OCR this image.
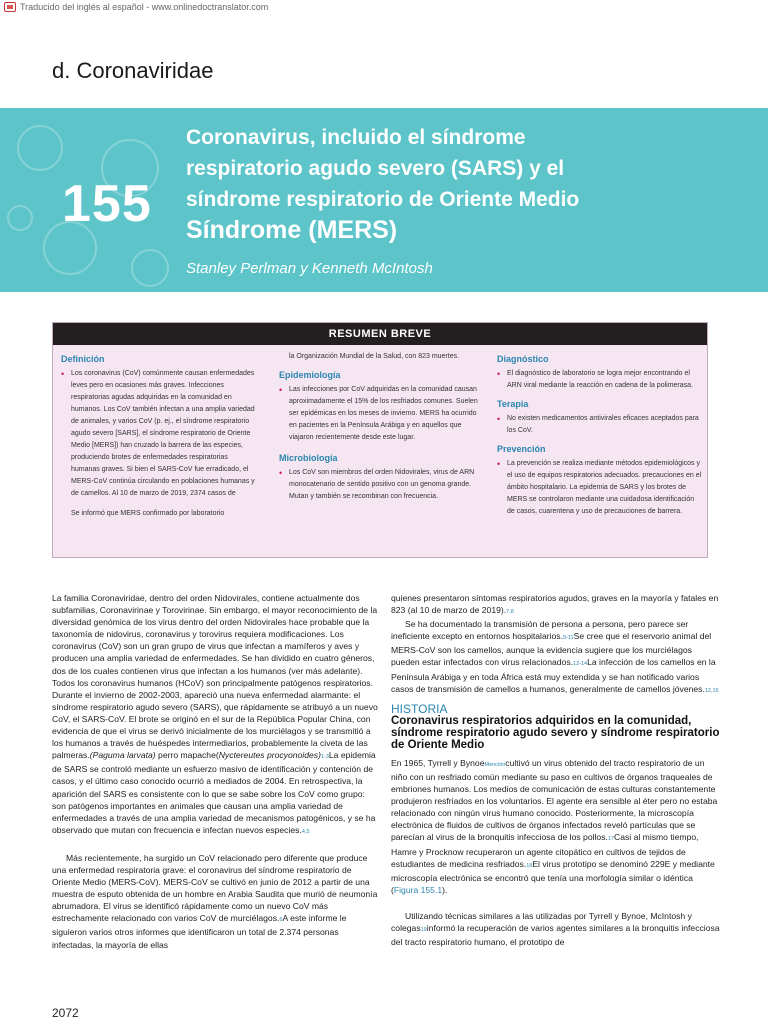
Traducido del inglés al español - www.onlinedoctranslator.com
d. Coronaviridae
155
Coronavirus, incluido el síndrome
respiratorio agudo severo (SARS) y el
síndrome respiratorio de Oriente Medio
Síndrome (MERS)
Stanley Perlman y Kenneth McIntosh
RESUMEN BREVE
Definición
• Los coronavirus (CoV) comúnmente causan enfermedades leves pero en ocasiones más graves. Infecciones respiratorias agudas adquiridas en la comunidad en humanos. Los CoV también infectan a una amplia variedad de animales, y varios CoV (p. ej., el síndrome respiratorio agudo severo [SARS], el síndrome respiratorio de Oriente Medio [MERS]) han cruzado la barrera de las especies, produciendo brotes de enfermedades respiratorias humanas graves. Si bien el SARS-CoV fue erradicado, el MERS-CoV continúa circulando en poblaciones humanas y de camellos. Al 10 de marzo de 2019, 2374 casos de
Se informó que MERS confirmado por laboratorio
la Organización Mundial de la Salud, con 823 muertes.
Epidemiología
• Las infecciones por CoV adquiridas en la comunidad causan aproximadamente el 15% de los resfriados comunes. Suelen ser epidémicas en los meses de invierno. MERS ha ocurrido en pacientes en la Península Arábiga y en aquellos que viajaron recientemente desde este lugar.
Microbiología
• Los CoV son miembros del orden Nidovirales, virus de ARN monocatenario de sentido positivo con un genoma grande. Mutan y también se recombinan con frecuencia.
Diagnóstico
• El diagnóstico de laboratorio se logra mejor encontrando el ARN viral mediante la reacción en cadena de la polimerasa.
Terapia
• No existen medicamentos antivirales eficaces aceptados para los CoV.
Prevención
• La prevención se realiza mediante métodos epidemiológicos y el uso de equipos respiratorios adecuados. precauciones en el ámbito hospitalario. La epidemia de SARS y los brotes de MERS se controlaron mediante una cuidadosa identificación de casos, cuarentena y uso de precauciones de barrera.

La familia Coronaviridae, dentro del orden Nidovirales, contiene actualmente dos subfamilias, Coronavirinae y Torovirinae. Sin embargo, el mayor reconocimiento de la diversidad genómica de los virus dentro del orden Nidovirales hace probable que la taxonomía de nidovirus, coronavirus y torovirus requiera modificaciones. Los coronavirus (CoV) son un gran grupo de virus que infectan a mamíferos y aves y producen una amplia variedad de enfermedades. Se han dividido en cuatro géneros, dos de los cuales contienen virus que infectan a los humanos (ver más adelante). Todos los coronavirus humanos (HCoV) son principalmente patógenos respiratorios. Durante el invierno de 2002-2003, apareció una nueva enfermedad alarmante: el síndrome respiratorio agudo severo (SARS), que rápidamente se atribuyó a un nuevo CoV, el SARS-CoV. El brote se originó en el sur de la República Popular China, con evidencia de que el virus se derivó inicialmente de los murciélagos y se transmitió a los humanos a través de huéspedes intermediarios, probablemente la civeta de las palmeras.(Paguma larvata) perro mapache(Nyctereutes procyonoides)1-3La epidemia de SARS se controló mediante un esfuerzo masivo de identificación y contención de casos, y el último caso conocido ocurrió a mediados de 2004. En retrospectiva, la aparición del SARS es consistente con lo que se sabe sobre los CoV como grupo: son patógenos importantes en animales que causan una amplia variedad de enfermedades a través de una amplia variedad de mecanismos patogénicos, y se ha observado que mutan con frecuencia e infectan nuevos especies.4,5

Más recientemente, ha surgido un CoV relacionado pero diferente que produce una enfermedad respiratoria grave: el coronavirus del síndrome respiratorio de Oriente Medio (MERS-CoV). MERS-CoV se cultivó en junio de 2012 a partir de una muestra de esputo obtenida de un hombre en Arabia Saudita que murió de neumonía abrumadora. El virus se identificó rápidamente como un nuevo CoV más estrechamente relacionado con varios CoV de murciélagos.6A este informe le siguieron varios otros informes que identificaron un total de 2.374 personas infectadas, la mayoría de ellas

quienes presentaron síntomas respiratorios agudos, graves en la mayoría y fatales en 823 (al 10 de marzo de 2019).7,8

Se ha documentado la transmisión de persona a persona, pero parece ser ineficiente excepto en entornos hospitalarios.9-11Se cree que el reservorio animal del MERS-CoV son los camellos, aunque la evidencia sugiere que los murciélagos pueden estar infectados con virus relacionados.12-14La infección de los camellos en la Península Arábiga y en toda África está muy extendida y se han notificado varios casos de transmisión de camellos a humanos, generalmente de camellos jóvenes.12,15

HISTORIA
Coronavirus respiratorios adquiridos en la comunidad, síndrome respiratorio agudo severo y síndrome respiratorio de Oriente Medio

En 1965, Tyrrell y BynoeMencióncultivó un virus obtenido del tracto respiratorio de un niño con un resfriado común mediante su paso en cultivos de órganos traqueales de embriones humanos. Los medios de comunicación de estas culturas constantemente produjeron resfriados en los voluntarios. El agente era sensible al éter pero no estaba relacionado con ningún virus humano conocido. Posteriormente, la microscopía electrónica de fluidos de cultivos de órganos infectados reveló partículas que se parecían al virus de la bronquitis infecciosa de los pollos.17Casi al mismo tiempo, Hamre y Procknow recuperaron un agente citopático en cultivos de tejidos de estudiantes de medicina resfriados.18El virus prototipo se denominó 229E y mediante microscopía electrónica se encontró que tenía una morfología similar o idéntica (Figura 155.1).

Utilizando técnicas similares a las utilizadas por Tyrrell y Bynoe, McIntosh y colegas19informó la recuperación de varios agentes similares a la bronquitis infecciosa del tracto respiratorio humano, el prototipo de

2072
